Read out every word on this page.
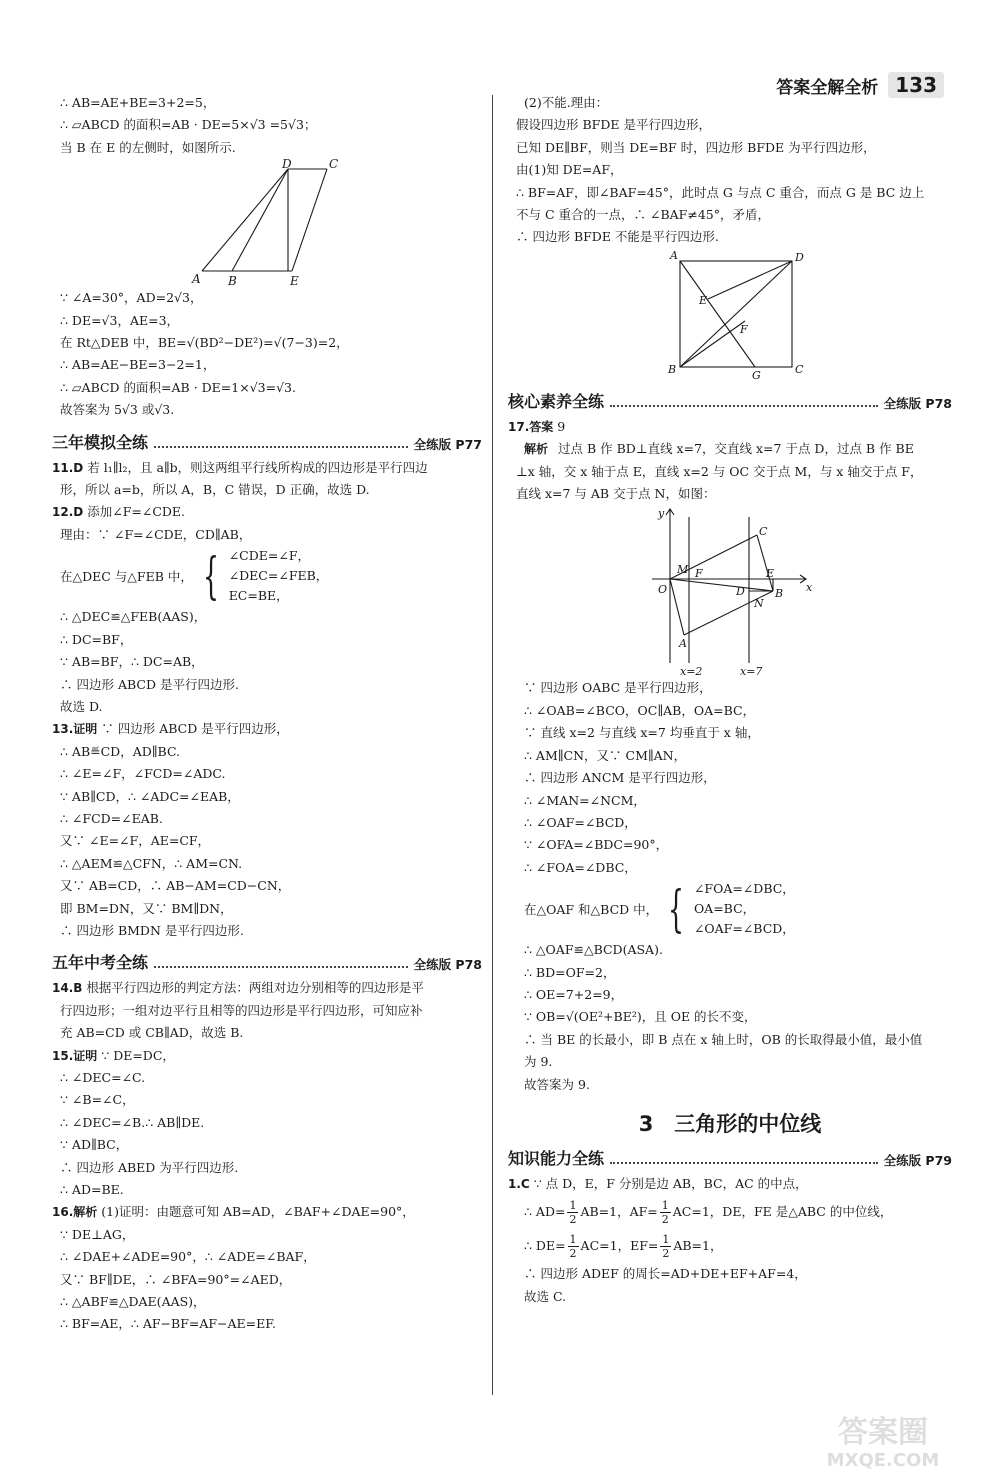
答案全解全析 133
∴ AB=AE+BE=3+2=5，
∴ ▱ABCD 的面积=AB · DE=5×√3 =5√3；
当 B 在 E 的左侧时，如图所示.
A B	E
D	C
∵ ∠A=30°，AD=2√3，
∴ DE=√3，AE=3，
在 Rt△DEB 中，BE=√(BD²−DE²)=√(7−3)=2，
∴ AB=AE−BE=3−2=1，
∴ ▱ABCD 的面积=AB · DE=1×√3=√3.
故答案为 5√3 或√3.
三年模拟全练	全练版 P77
11.D 若 l₁∥l₂，且 a∥b，则这两组平行线所构成的四边形是平行四边
形，所以 a=b，所以 A，B，C 错误，D 正确，故选 D.
12.D 添加∠F=∠CDE.
理由：∵ ∠F=∠CDE，CD∥AB，
在△DEC 与△FEB 中， { ∠CDE=∠F，
∠DEC=∠FEB，
EC=BE，
∴ △DEC≌△FEB(AAS)，
∴ DC=BF，
∵ AB=BF，∴ DC=AB，
∴ 四边形 ABCD 是平行四边形.
故选 D.
13.证明 ∵ 四边形 ABCD 是平行四边形，
∴ AB≝CD，AD∥BC.
∴ ∠E=∠F，∠FCD=∠ADC.
∵ AB∥CD，∴ ∠ADC=∠EAB，
∴ ∠FCD=∠EAB.
又∵ ∠E=∠F，AE=CF，
∴ △AEM≌△CFN，∴ AM=CN.
又∵ AB=CD，∴ AB−AM=CD−CN，
即 BM=DN，又∵ BM∥DN，
∴ 四边形 BMDN 是平行四边形.
五年中考全练	全练版 P78
14.B 根据平行四边形的判定方法：两组对边分别相等的四边形是平
行四边形；一组对边平行且相等的四边形是平行四边形，可知应补
充 AB=CD 或 CB∥AD，故选 B.
15.证明 ∵ DE=DC，
∴ ∠DEC=∠C.
∵ ∠B=∠C，
∴ ∠DEC=∠B.∴ AB∥DE.
∵ AD∥BC，
∴ 四边形 ABED 为平行四边形.
∴ AD=BE.
16.解析 (1)证明：由题意可知 AB=AD，∠BAF+∠DAE=90°，
∵ DE⊥AG，
∴ ∠DAE+∠ADE=90°，∴ ∠ADE=∠BAF，
又∵ BF∥DE，∴ ∠BFA=90°=∠AED，
∴ △ABF≌△DAE(AAS)，
∴ BF=AE，∴ AF−BF=AF−AE=EF.
(2)不能.理由：
假设四边形 BFDE 是平行四边形，
已知 DE∥BF，则当 DE=BF 时，四边形 BFDE 为平行四边形，
由(1)知 DE=AF，
∴ BF=AF，即∠BAF=45°，此时点 G 与点 C 重合，而点 G 是 BC 边上
不与 C 重合的一点，∴ ∠BAF≠45°，矛盾，
∴ 四边形 BFDE 不能是平行四边形.
A	D
E
F
B	G	C
核心素养全练	全练版 P78
17.答案 9
解析 过点 B 作 BD⊥直线 x=7，交直线 x=7 于点 D，过点 B 作 BE
⊥x 轴，交 x 轴于点 E，直线 x=2 与 OC 交于点 M，与 x 轴交于点 F，
直线 x=7 与 AB 交于点 N，如图：
y
x
O
M F
C
E
D
N
B
A
x=2	x=7
∵ 四边形 OABC 是平行四边形，
∴ ∠OAB=∠BCO，OC∥AB，OA=BC，
∵ 直线 x=2 与直线 x=7 均垂直于 x 轴，
∴ AM∥CN，又∵ CM∥AN，
∴ 四边形 ANCM 是平行四边形，
∴ ∠MAN=∠NCM，
∴ ∠OAF=∠BCD，
∵ ∠OFA=∠BDC=90°，
∴ ∠FOA=∠DBC，
在△OAF 和△BCD 中， { ∠FOA=∠DBC，
OA=BC，
∠OAF=∠BCD，
∴ △OAF≌△BCD(ASA).
∴ BD=OF=2，
∴ OE=7+2=9，
∵ OB=√(OE²+BE²)，且 OE 的长不变，
∴ 当 BE 的长最小，即 B 点在 x 轴上时，OB 的长取得最小值，最小值
为 9.
故答案为 9.
3　三角形的中位线
知识能力全练	全练版 P79
1.C ∵ 点 D，E，F 分别是边 AB，BC，AC 的中点，
∴ $AD= \frac{1}{2} AB=1$，$AF= \frac{1}{2} AC=1$，DE，FE 是△ABC 的中位线，
∴ $DE= \frac{1}{2} AC=1$，$EF= \frac{1}{2} AB=1$，
∴ 四边形 ADEF 的周长=AD+DE+EF+AF=4，
故选 C.
答案圈
MXQE.COM
